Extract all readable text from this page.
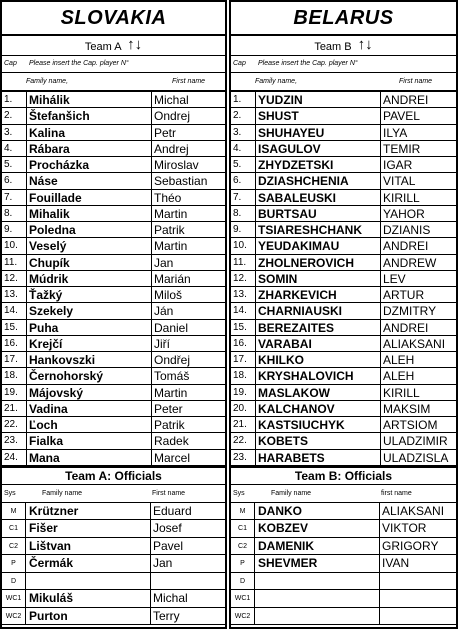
SLOVAKIA
Team A ↑↓
Cap Please insert the Cap. player N°
Family name,	First name
1.	Mihálik	Michal
2.	Štefanšich	Ondrej
3.	Kalina	Petr
4.	Rábara	Andrej
5.	Procházka	Miroslav
6.	Náse	Sebastian
7.	Fouillade	Théo
8.	Mihalik	Martin
9.	Poledna	Patrik
10. Veselý	Martin
11. Chupík	Jan
12. Múdrik	Marián
13. Ťažký	Miloš
14. Szekely	Ján
15. Puha	Daniel
16. Krejčí	Jiří
17. Hankovszki	Ondřej
18. Černohorský	Tomáš
19. Májovský	Martin
21. Vadina	Peter
22. Ľoch	Patrik
23. Fialka	Radek
24. Mana	Marcel
Team A: Officials
Sys	Family name	First name
M	Krützner	Eduard
C1 Fišer	Josef
C2 Lištvan	Pavel
P	Čermák	Jan
D
WC1 Mikuláš	Michal
WC2 Purton	Terry
BELARUS
Team B ↑↓
Cap Please insert the Cap. player N°
Family name,	First name
1.	YUDZIN	ANDREI
2.	SHUST	PAVEL
3.	SHUHAYEU	ILYA
4.	ISAGULOV	TEMIR
5.	ZHYDZETSKI	IGAR
6.	DZIASHCHENIA	VITAL
7.	SABALEUSKI	KIRILL
8.	BURTSAU	YAHOR
9.	TSIARESHCHANK	DZIANIS
10. YEUDAKIMAU	ANDREI
11. ZHOLNEROVICH	ANDREW
12. SOMIN	LEV
13. ZHARKEVICH	ARTUR
14. CHARNIAUSKI	DZMITRY
15. BEREZAITES	ANDREI
16. VARABAI	ALIAKSANI
17. KHILKO	ALEH
18. KRYSHALOVICH	ALEH
19. MASLAKOW	KIRILL
20. KALCHANOV	MAKSIM
21. KASTSIUCHYK	ARTSIOM
22. KOBETS	ULADZIMIR
23. HARABETS	ULADZISLA
Team B: Officials
Sys	Family name	first name
M	DANKO	ALIAKSANI
C1 KOBZEV	VIKTOR
C2 DAMENIK	GRIGORY
P	SHEVMER	IVAN
D
WC1
WC2
